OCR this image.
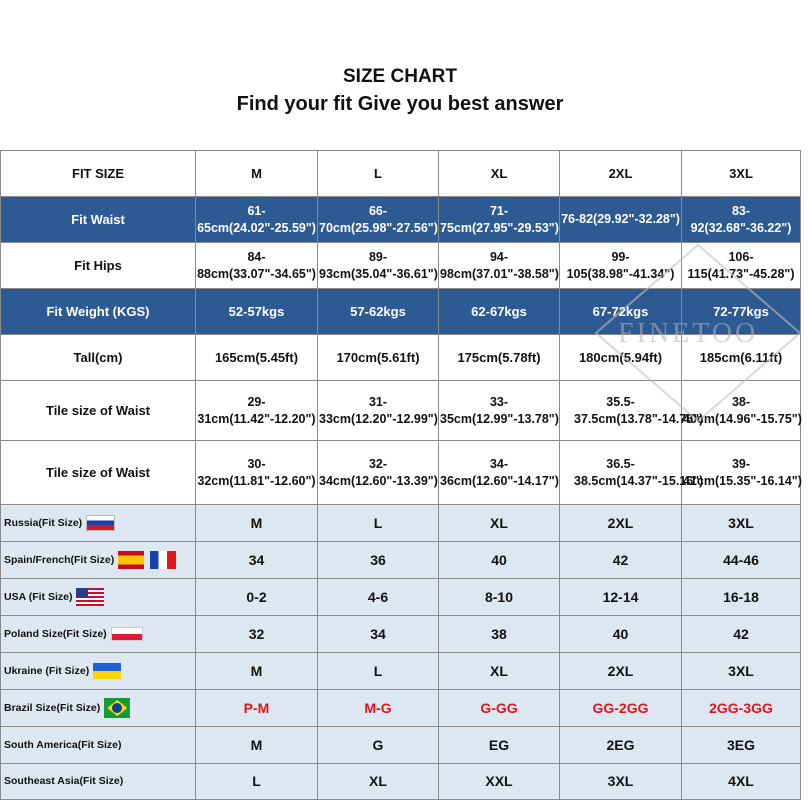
SIZE CHART
Find your fit Give you best answer
FIT SIZE	M	L	XL	2XL	3XL
Fit Waist	61-65cm(24.02"-25.59")	66-70cm(25.98"-27.56")	71-75cm(27.95"-29.53")	76-82(29.92"-32.28")	83-92(32.68"-36.22")
Fit Hips	84-88cm(33.07"-34.65")	89-93cm(35.04"-36.61")	94-98cm(37.01"-38.58")	99-105(38.98"-41.34")	106-115(41.73"-45.28")
Fit Weight (KGS)	52-57kgs	57-62kgs	62-67kgs	67-72kgs	72-77kgs
Tall(cm)	165cm(5.45ft)	170cm(5.61ft)	175cm(5.78ft)	180cm(5.94ft)	185cm(6.11ft)
Tile size of Waist	29-31cm(11.42"-12.20")	31-33cm(12.20"-12.99")	33-35cm(12.99"-13.78")	35.5-37.5cm(13.78"-14.76")	38-40cm(14.96"-15.75")
Tile size of Waist	30-32cm(11.81"-12.60")	32-34cm(12.60"-13.39")	34-36cm(12.60"-14.17")	36.5-38.5cm(14.37"-15.16")	39-41cm(15.35"-16.14")
Russia(Fit Size)	M	L	XL	2XL	3XL
Spain/French(Fit Size)	34	36	40	42	44-46
USA (Fit Size)	0-2	4-6	8-10	12-14	16-18
Poland Size(Fit Size)	32	34	38	40	42
Ukraine (Fit Size)	M	L	XL	2XL	3XL
Brazil Size(Fit Size)	P-M	M-G	G-GG	GG-2GG	2GG-3GG
South America(Fit Size)	M	G	EG	2EG	3EG
Southeast Asia(Fit Size)	L	XL	XXL	3XL	4XL
FINETOO
